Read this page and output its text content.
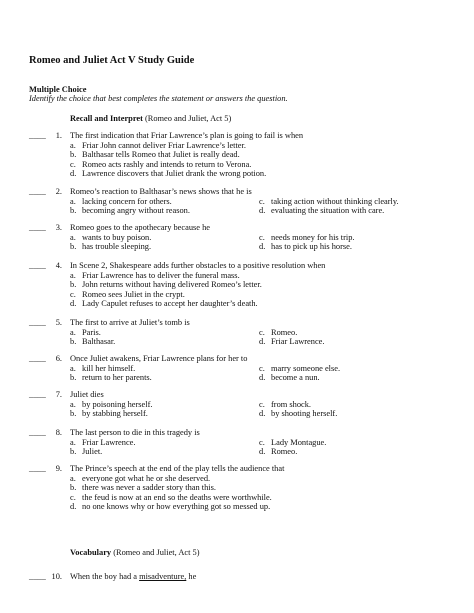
Romeo and Juliet Act V Study Guide
Multiple Choice
Identify the choice that best completes the statement or answers the question.
Recall and Interpret (Romeo and Juliet, Act 5)
____	1. The first indication that Friar Lawrence’s plan is going to fail is when
a. Friar John cannot deliver Friar Lawrence’s letter.
b. Balthasar tells Romeo that Juliet is really dead.
c. Romeo acts rashly and intends to return to Verona.
d. Lawrence discovers that Juliet drank the wrong potion.
____	2. Romeo’s reaction to Balthasar’s news shows that he is
a. lacking concern for others.
b. becoming angry without reason.
c. taking action without thinking clearly.
d. evaluating the situation with care.
____	3. Romeo goes to the apothecary because he
a. wants to buy poison.
b. has trouble sleeping.
c. needs money for his trip.
d. has to pick up his horse.
____	4. In Scene 2, Shakespeare adds further obstacles to a positive resolution when
a. Friar Lawrence has to deliver the funeral mass.
b. John returns without having delivered Romeo’s letter.
c. Romeo sees Juliet in the crypt.
d. Lady Capulet refuses to accept her daughter’s death.
____	5. The first to arrive at Juliet’s tomb is
a. Paris.
b. Balthasar.
c. Romeo.
d. Friar Lawrence.
____	6. Once Juliet awakens, Friar Lawrence plans for her to
a. kill her himself.
b. return to her parents.
c. marry someone else.
d. become a nun.
____	7. Juliet dies
a. by poisoning herself.
b. by stabbing herself.
c. from shock.
d. by shooting herself.
____	8. The last person to die in this tragedy is
a. Friar Lawrence.
b. Juliet.
c. Lady Montague.
d. Romeo.
____	9. The Prince’s speech at the end of the play tells the audience that
a. everyone got what he or she deserved.
b. there was never a sadder story than this.
c. the feud is now at an end so the deaths were worthwhile.
d. no one knows why or how everything got so messed up.
Vocabulary (Romeo and Juliet, Act 5)
____ 10. When the boy had a misadventure, he
